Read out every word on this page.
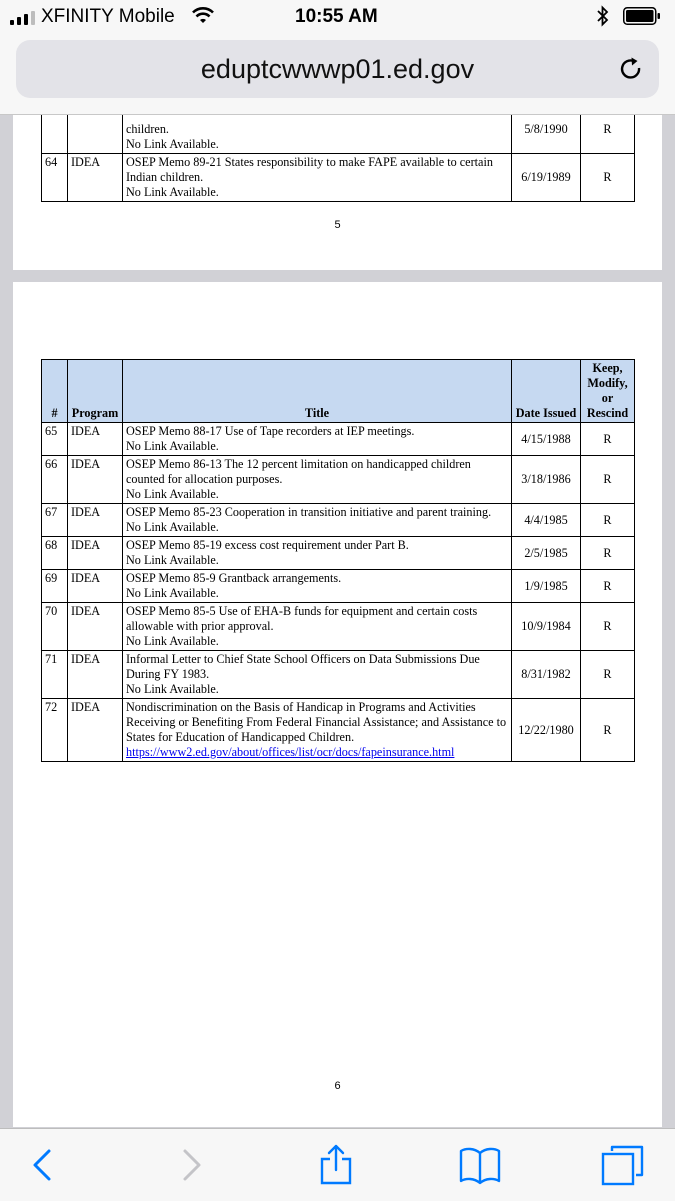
XFINITY Mobile	10:55 AM
eduptcwwwp01.ed.gov

		children.
No Link Available.	5/8/1990	R
64	IDEA	OSEP Memo 89-21 States responsibility to make FAPE available to certain Indian children.
No Link Available.	6/19/1989	R
5
#	Program	Title	Date Issued	Keep, Modify, or Rescind
65	IDEA	OSEP Memo 88-17 Use of Tape recorders at IEP meetings.
No Link Available.	4/15/1988	R
66	IDEA	OSEP Memo 86-13 The 12 percent limitation on handicapped children counted for allocation purposes.
No Link Available.	3/18/1986	R
67	IDEA	OSEP Memo 85-23 Cooperation in transition initiative and parent training.
No Link Available.	4/4/1985	R
68	IDEA	OSEP Memo 85-19 excess cost requirement under Part B.
No Link Available.	2/5/1985	R
69	IDEA	OSEP Memo 85-9 Grantback arrangements.
No Link Available.	1/9/1985	R
70	IDEA	OSEP Memo 85-5 Use of EHA-B funds for equipment and certain costs allowable with prior approval.
No Link Available.	10/9/1984	R
71	IDEA	Informal Letter to Chief State School Officers on Data Submissions Due During FY 1983.
No Link Available.	8/31/1982	R
72	IDEA	Nondiscrimination on the Basis of Handicap in Programs and Activities Receiving or Benefiting From Federal Financial Assistance; and Assistance to States for Education of Handicapped Children.
https://www2.ed.gov/about/offices/list/ocr/docs/fapeinsurance.html	12/22/1980	R
6
